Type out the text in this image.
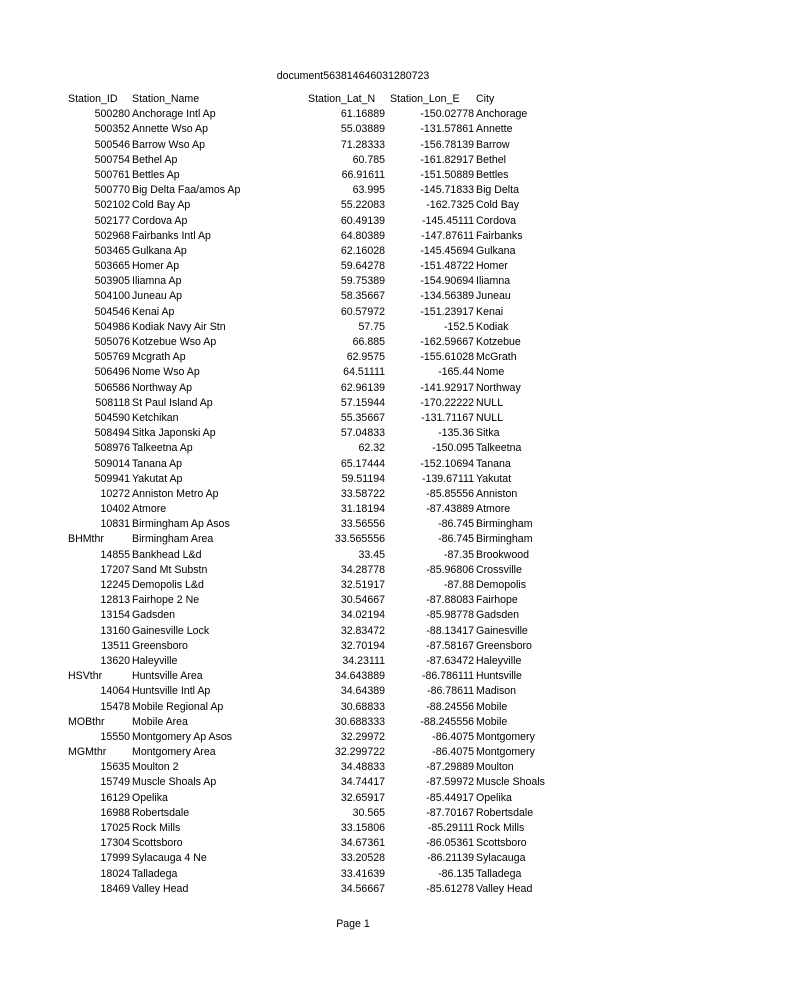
document563814646031280723
Station_ID Station_Name	Station_Lat_N Station_Lon_E City
500280 Anchorage Intl Ap	61.16889	-150.02778 Anchorage
500352 Annette Wso Ap	55.03889	-131.57861 Annette
500546 Barrow Wso Ap	71.28333	-156.78139 Barrow
500754 Bethel Ap	60.785	-161.82917 Bethel
500761 Bettles Ap	66.91611	-151.50889 Bettles
500770 Big Delta Faa/amos Ap	63.995	-145.71833 Big Delta
502102 Cold Bay Ap	55.22083	-162.7325 Cold Bay
502177 Cordova Ap	60.49139	-145.45111 Cordova
502968 Fairbanks Intl Ap	64.80389	-147.87611 Fairbanks
503465 Gulkana Ap	62.16028	-145.45694 Gulkana
503665 Homer Ap	59.64278	-151.48722 Homer
503905 Iliamna Ap	59.75389	-154.90694 Iliamna
504100 Juneau Ap	58.35667	-134.56389 Juneau
504546 Kenai Ap	60.57972	-151.23917 Kenai
504986 Kodiak Navy Air Stn	57.75	-152.5 Kodiak
505076 Kotzebue Wso Ap	66.885	-162.59667 Kotzebue
505769 Mcgrath Ap	62.9575	-155.61028 McGrath
506496 Nome Wso Ap	64.51111	-165.44 Nome
506586 Northway Ap	62.96139	-141.92917 Northway
508118 St Paul Island Ap	57.15944	-170.22222 NULL
504590 Ketchikan	55.35667	-131.71167 NULL
508494 Sitka Japonski Ap	57.04833	-135.36 Sitka
508976 Talkeetna Ap	62.32	-150.095 Talkeetna
509014 Tanana Ap	65.17444	-152.10694 Tanana
509941 Yakutat Ap	59.51194	-139.67111 Yakutat
10272 Anniston Metro Ap	33.58722	-85.85556 Anniston
10402 Atmore	31.18194	-87.43889 Atmore
10831 Birmingham Ap Asos	33.56556	-86.745 Birmingham
BHMthr	Birmingham Area	33.565556	-86.745 Birmingham
14855 Bankhead L&d	33.45	-87.35 Brookwood
17207 Sand Mt Substn	34.28778	-85.96806 Crossville
12245 Demopolis L&d	32.51917	-87.88 Demopolis
12813 Fairhope 2 Ne	30.54667	-87.88083 Fairhope
13154 Gadsden	34.02194	-85.98778 Gadsden
13160 Gainesville Lock	32.83472	-88.13417 Gainesville
13511 Greensboro	32.70194	-87.58167 Greensboro
13620 Haleyville	34.23111	-87.63472 Haleyville
HSVthr	Huntsville Area	34.643889	-86.786111 Huntsville
14064 Huntsville Intl Ap	34.64389	-86.78611 Madison
15478 Mobile Regional Ap	30.68833	-88.24556 Mobile
MOBthr	Mobile Area	30.688333	-88.245556 Mobile
15550 Montgomery Ap Asos	32.29972	-86.4075 Montgomery
MGMthr Montgomery Area	32.299722	-86.4075 Montgomery
15635 Moulton 2	34.48833	-87.29889 Moulton
15749 Muscle Shoals Ap	34.74417	-87.59972 Muscle Shoals
16129 Opelika	32.65917	-85.44917 Opelika
16988 Robertsdale	30.565	-87.70167 Robertsdale
17025 Rock Mills	33.15806	-85.29111 Rock Mills
17304 Scottsboro	34.67361	-86.05361 Scottsboro
17999 Sylacauga 4 Ne	33.20528	-86.21139 Sylacauga
18024 Talladega	33.41639	-86.135 Talladega
18469 Valley Head	34.56667	-85.61278 Valley Head
Page 1
